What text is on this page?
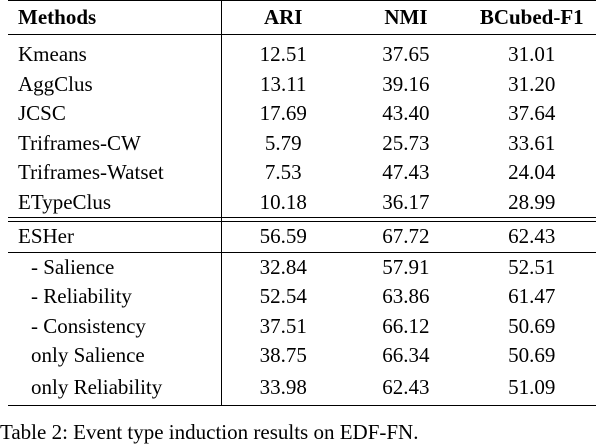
Methods	ARI	NMI	BCubed-F1
Kmeans	12.51	37.65	31.01
AggClus	13.11	39.16	31.20
JCSC	17.69	43.40	37.64
Triframes-CW	5.79	25.73	33.61
Triframes-Watset	7.53	47.43	24.04
ETypeClus	10.18	36.17	28.99

ESHer	56.59	67.72	62.43

- Salience	32.84	57.91	52.51
- Reliability	52.54	63.86	61.47
- Consistency	37.51	66.12	50.69
only Salience	38.75	66.34	50.69
only Reliability	33.98	62.43	51.09
Table 2: Event type induction results on EDF-FN.
